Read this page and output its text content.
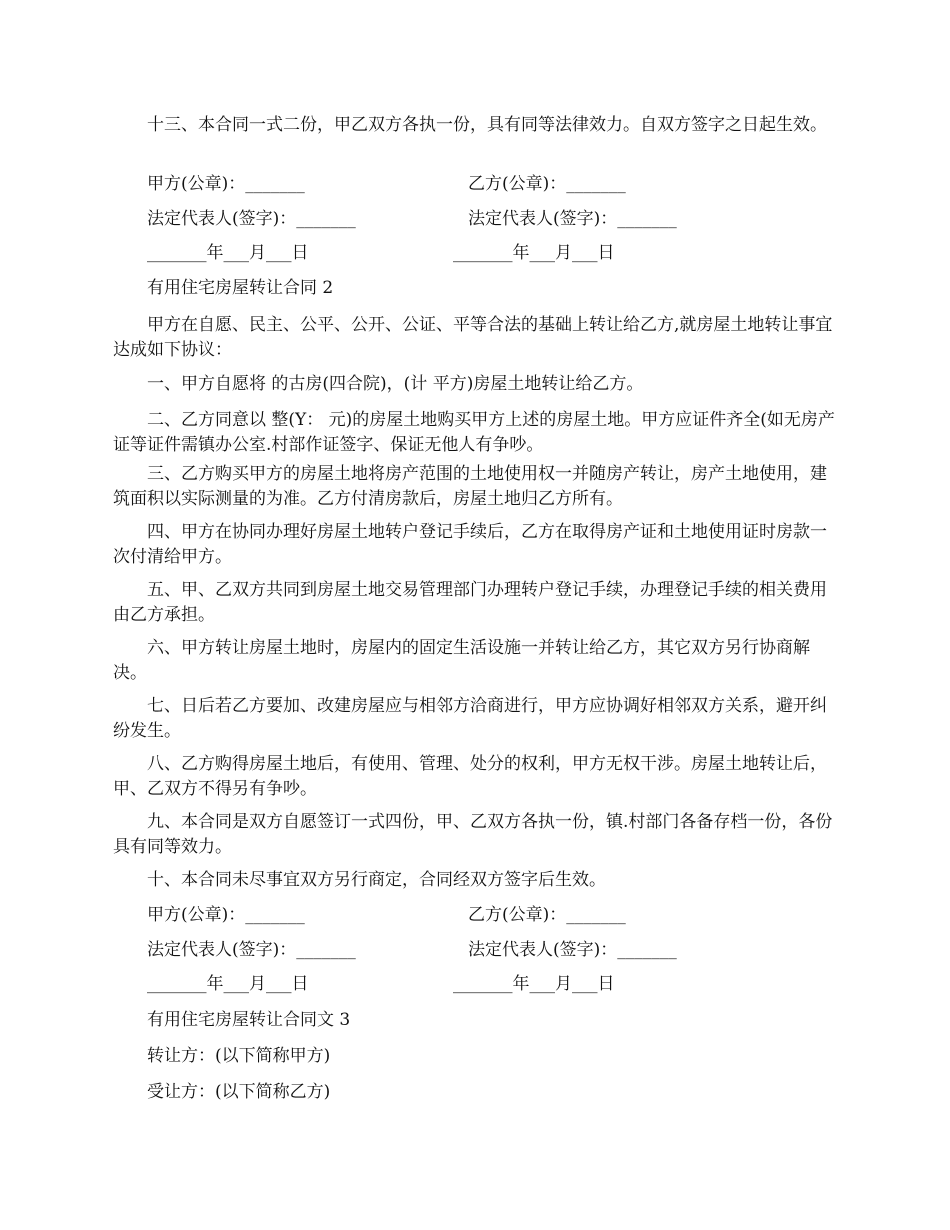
十三、本合同一式二份，甲乙双方各执一份，具有同等法律效力。自双方签字之日起生效。

甲方(公章)：_______	乙方(公章)：_______
法定代表人(签字)：_______	法定代表人(签字)：_______
_______年___月___日	_______年___月___日

有用住宅房屋转让合同 2

甲方在自愿、民主、公平、公开、公证、平等合法的基础上转让给乙方,就房屋土地转让事宜达成如下协议：

一、甲方自愿将 的古房(四合院)，(计 平方)房屋土地转让给乙方。

二、乙方同意以 整(Y： 元)的房屋土地购买甲方上述的房屋土地。甲方应证件齐全(如无房产证等证件需镇办公室.村部作证签字、保证无他人有争吵。

三、乙方购买甲方的房屋土地将房产范围的土地使用权一并随房产转让，房产土地使用，建筑面积以实际测量的为准。乙方付清房款后，房屋土地归乙方所有。

四、甲方在协同办理好房屋土地转户登记手续后，乙方在取得房产证和土地使用证时房款一次付清给甲方。

五、甲、乙双方共同到房屋土地交易管理部门办理转户登记手续，办理登记手续的相关费用由乙方承担。

六、甲方转让房屋土地时，房屋内的固定生活设施一并转让给乙方，其它双方另行协商解决。

七、日后若乙方要加、改建房屋应与相邻方洽商进行，甲方应协调好相邻双方关系，避开纠纷发生。

八、乙方购得房屋土地后，有使用、管理、处分的权利，甲方无权干涉。房屋土地转让后，甲、乙双方不得另有争吵。

九、本合同是双方自愿签订一式四份，甲、乙双方各执一份，镇.村部门各备存档一份，各份具有同等效力。

十、本合同未尽事宜双方另行商定，合同经双方签字后生效。

甲方(公章)：_______	乙方(公章)：_______
法定代表人(签字)：_______	法定代表人(签字)：_______
_______年___月___日	_______年___月___日

有用住宅房屋转让合同文 3

转让方：(以下简称甲方)

受让方：(以下简称乙方)
